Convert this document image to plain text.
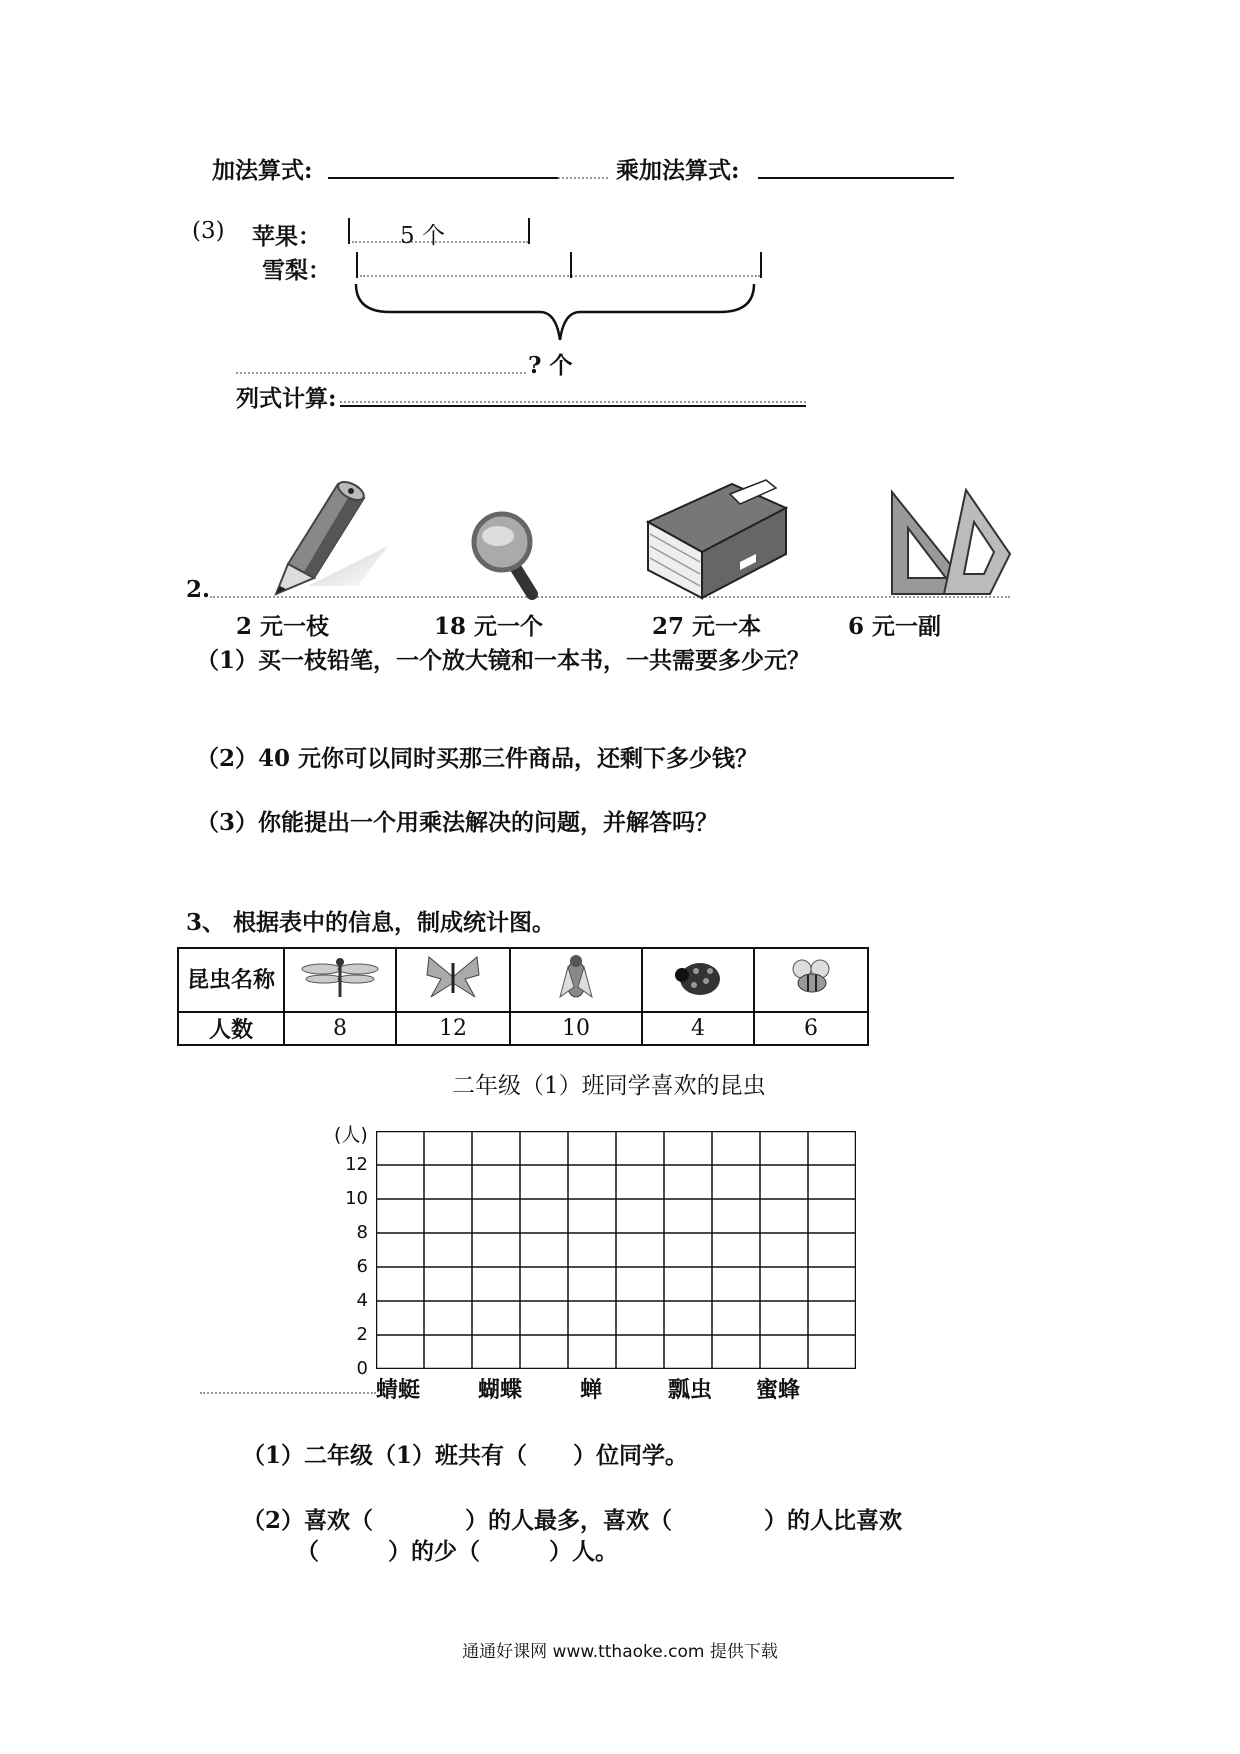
加法算式:	乘加法算式:
(3) 苹果：	5 个
雪梨：
? 个
列式计算:
2.
2 元一枝	18 元一个	27 元一本	6 元一副
（1）买一枝铅笔，一个放大镜和一本书，一共需要多少元？
（2）40 元你可以同时买那三件商品，还剩下多少钱？
（3）你能提出一个用乘法解决的问题，并解答吗？
3、 根据表中的信息，制成统计图。
昆虫名称					
人数	8	12	10	4	6
二年级（1）班同学喜欢的昆虫
(人)
0
2
4
6
8
10
12
蜻蜓	蝴蝶	蝉	瓢虫 蜜蜂
（1）二年级（1）班共有（　　）位同学。
（2）喜欢（　　　　）的人最多，喜欢（　　　　）的人比喜欢
（　　　）的少（　　　）人。
通通好课网 www.tthaoke.com 提供下载
